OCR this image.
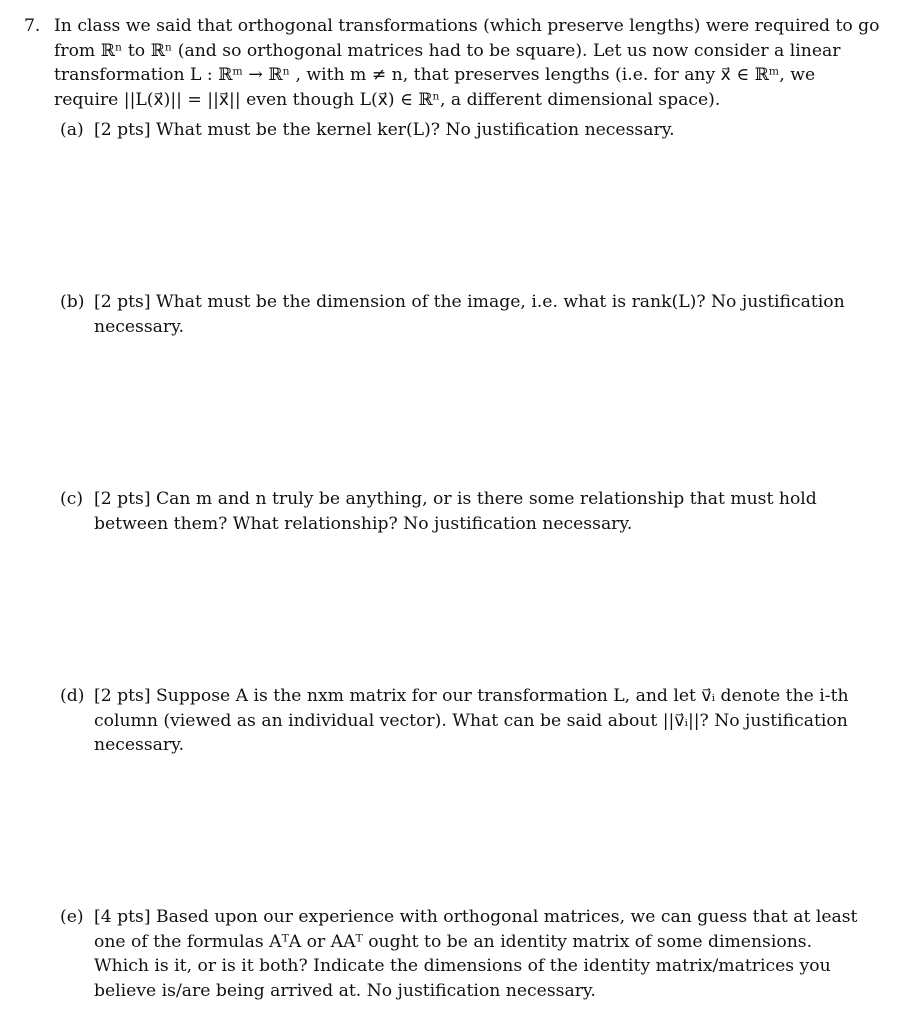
7. In class we said that orthogonal transformations (which preserve lengths) were required to go
from ℝⁿ to ℝⁿ (and so orthogonal matrices had to be square). Let us now consider a linear
transformation L : ℝᵐ → ℝⁿ , with m ≠ n, that preserves lengths (i.e. for any x⃗ ∈ ℝᵐ, we
require ||L(x⃗)|| = ||x⃗|| even though L(x⃗) ∈ ℝⁿ, a different dimensional space).
(a) [2 pts] What must be the kernel ker(L)? No justification necessary.
(b) [2 pts] What must be the dimension of the image, i.e. what is rank(L)? No justification
necessary.
(c) [2 pts] Can m and n truly be anything, or is there some relationship that must hold
between them? What relationship? No justification necessary.
(d) [2 pts] Suppose A is the nxm matrix for our transformation L, and let v⃗ᵢ denote the i-th
column (viewed as an individual vector). What can be said about ||v⃗ᵢ||? No justification
necessary.
(e) [4 pts] Based upon our experience with orthogonal matrices, we can guess that at least
one of the formulas AᵀA or AAᵀ ought to be an identity matrix of some dimensions.
Which is it, or is it both? Indicate the dimensions of the identity matrix/matrices you
believe is/are being arrived at. No justification necessary.
